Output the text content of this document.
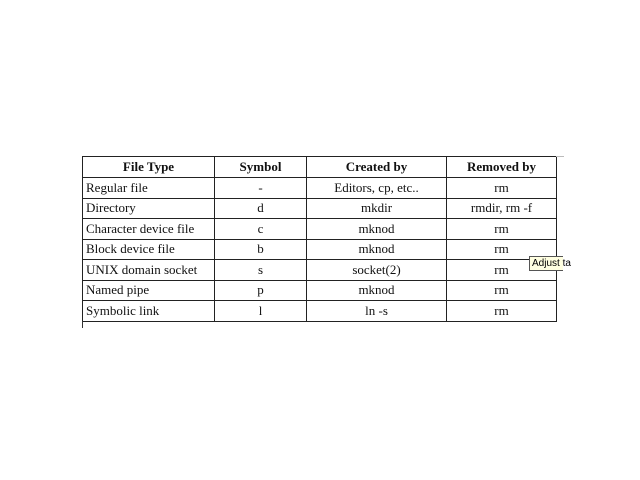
File Type	Symbol	Created by	Removed by
Regular file	-	Editors, cp, etc..	rm
Directory	d	mkdir	rmdir, rm -f
Character device file	c	mknod	rm
Block device file	b	mknod	rm
UNIX domain socket	s	socket(2)	rm
Named pipe	p	mknod	rm
Symbolic link	l	ln -s	rm
Adjust ta
